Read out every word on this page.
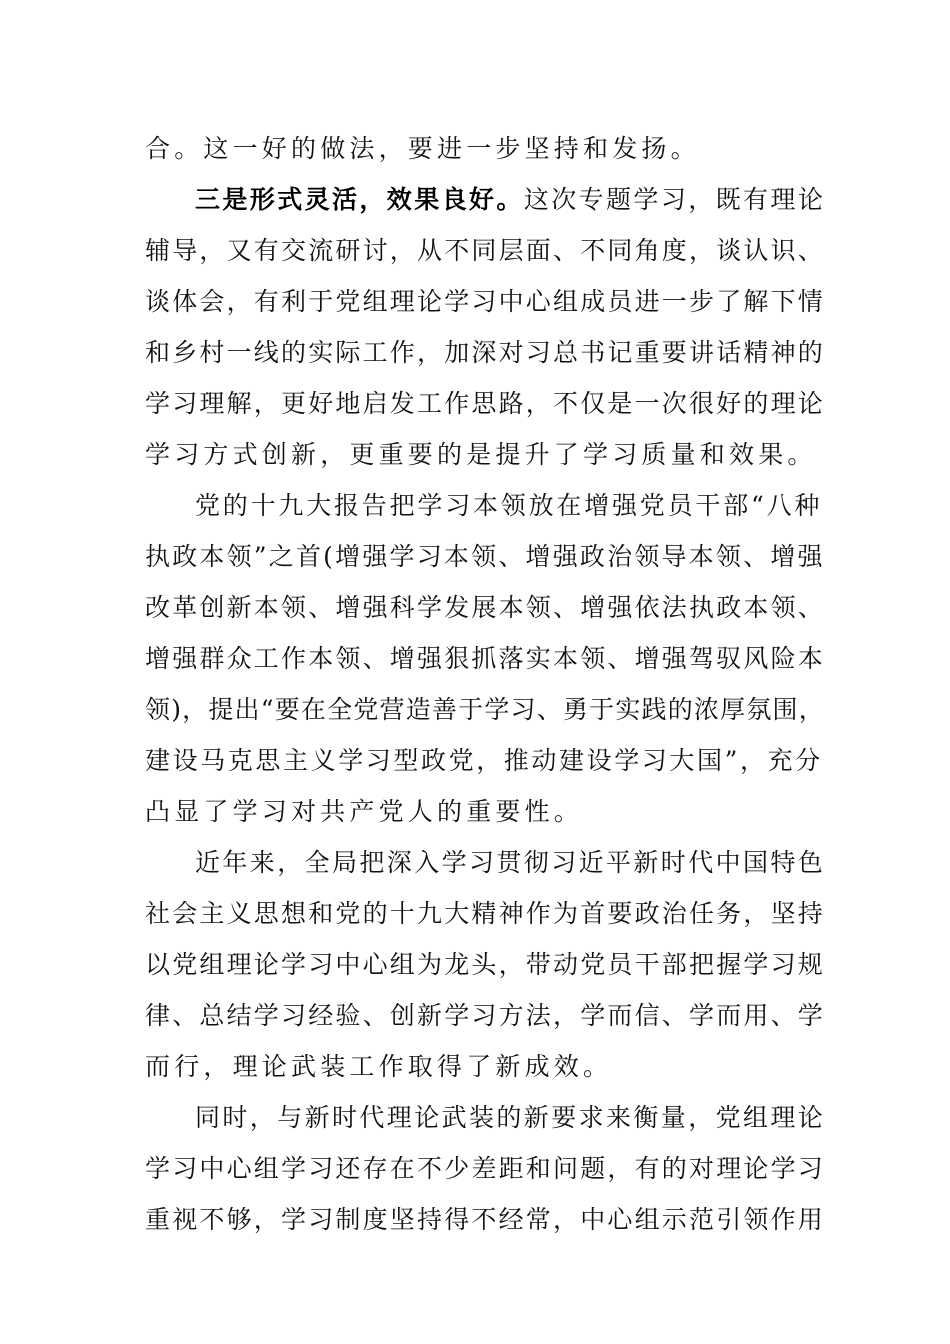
合。这一好的做法，要进一步坚持和发扬。

三是形式灵活，效果良好。这次专题学习，既有理论

辅导，又有交流研讨，从不同层面、不同角度，谈认识、

谈体会，有利于党组理论学习中心组成员进一步了解下情

和乡村一线的实际工作，加深对习总书记重要讲话精神的

学习理解，更好地启发工作思路，不仅是一次很好的理论

学习方式创新，更重要的是提升了学习质量和效果。

党的十九大报告把学习本领放在增强党员干部“八种

执政本领”之首(增强学习本领、增强政治领导本领、增强

改革创新本领、增强科学发展本领、增强依法执政本领、

增强群众工作本领、增强狠抓落实本领、增强驾驭风险本

领)，提出“要在全党营造善于学习、勇于实践的浓厚氛围，

建设马克思主义学习型政党，推动建设学习大国”，充分

凸显了学习对共产党人的重要性。

近年来，全局把深入学习贯彻习近平新时代中国特色

社会主义思想和党的十九大精神作为首要政治任务，坚持

以党组理论学习中心组为龙头，带动党员干部把握学习规

律、总结学习经验、创新学习方法，学而信、学而用、学

而行，理论武装工作取得了新成效。

同时，与新时代理论武装的新要求来衡量，党组理论

学习中心组学习还存在不少差距和问题，有的对理论学习

重视不够，学习制度坚持得不经常，中心组示范引领作用
